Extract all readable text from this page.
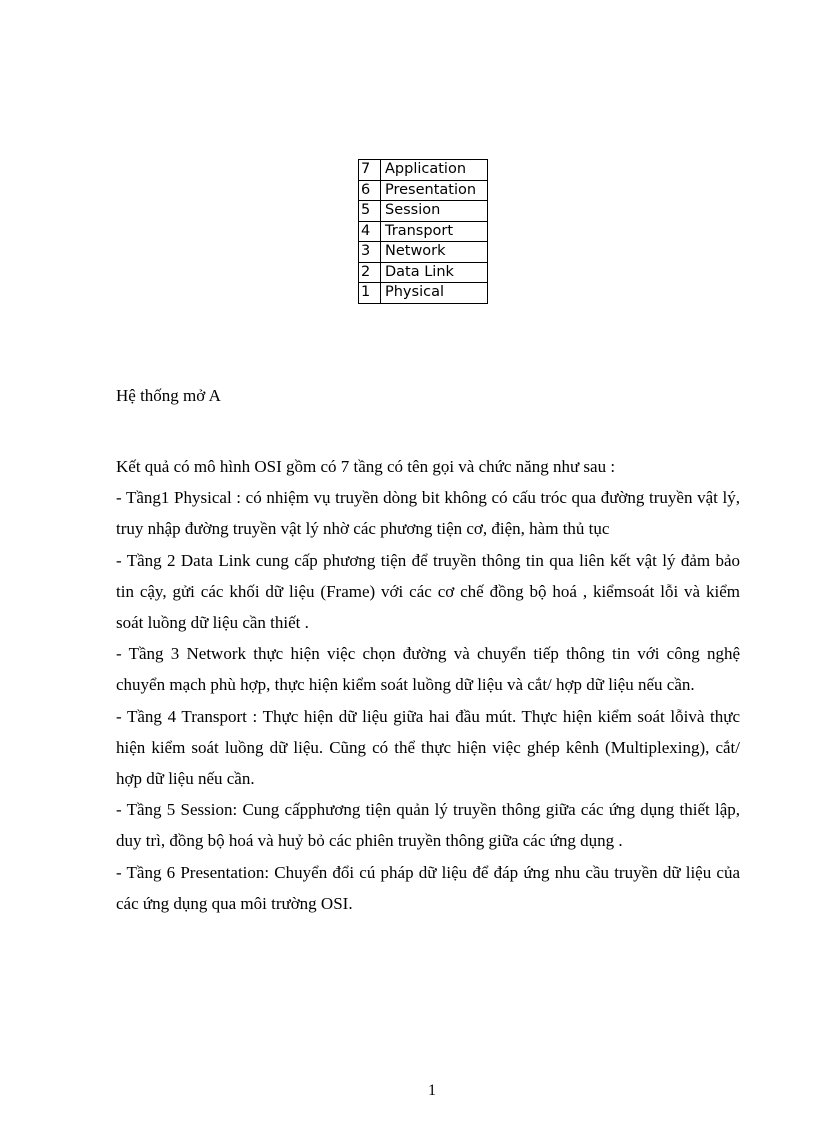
7	Application
6	Presentation
5	Session
4	Transport
3	Network
2	Data Link
1	Physical
Hệ thống mở A

Kết quả có mô hình OSI gồm có 7 tầng có tên gọi và chức năng như sau :

- Tầng1 Physical : có nhiệm vụ truyền dòng bit không có cấu tróc qua đường truyền vật lý, truy nhập đường truyền vật lý nhờ các phương tiện cơ, điện, hàm thủ tục

- Tầng 2 Data Link cung cấp phương tiện để truyền thông tin qua liên kết vật lý đảm bảo tin cậy, gửi các khối dữ liệu (Frame) với các cơ chế đồng bộ hoá , kiểmsoát lỗi và kiểm soát luồng dữ liệu cần thiết .

- Tầng 3 Network thực hiện việc chọn đường và chuyển tiếp thông tin với công nghệ chuyển mạch phù hợp, thực hiện kiểm soát luồng dữ liệu và cắt/ hợp dữ liệu nếu cần.

- Tầng 4 Transport : Thực hiện dữ liệu giữa hai đầu mút. Thực hiện kiểm soát lỗivà thực hiện kiểm soát luồng dữ liệu. Cũng có thể thực hiện việc ghép kênh (Multiplexing), cắt/ hợp dữ liệu nếu cần.

- Tầng 5 Session: Cung cấpphương tiện quản lý truyền thông giữa các ứng dụng thiết lập, duy trì, đồng bộ hoá và huỷ bỏ các phiên truyền thông giữa các ứng dụng .

- Tầng 6 Presentation: Chuyển đổi cú pháp dữ liệu để đáp ứng nhu cầu truyền dữ liệu của các ứng dụng qua môi trường OSI.

1
